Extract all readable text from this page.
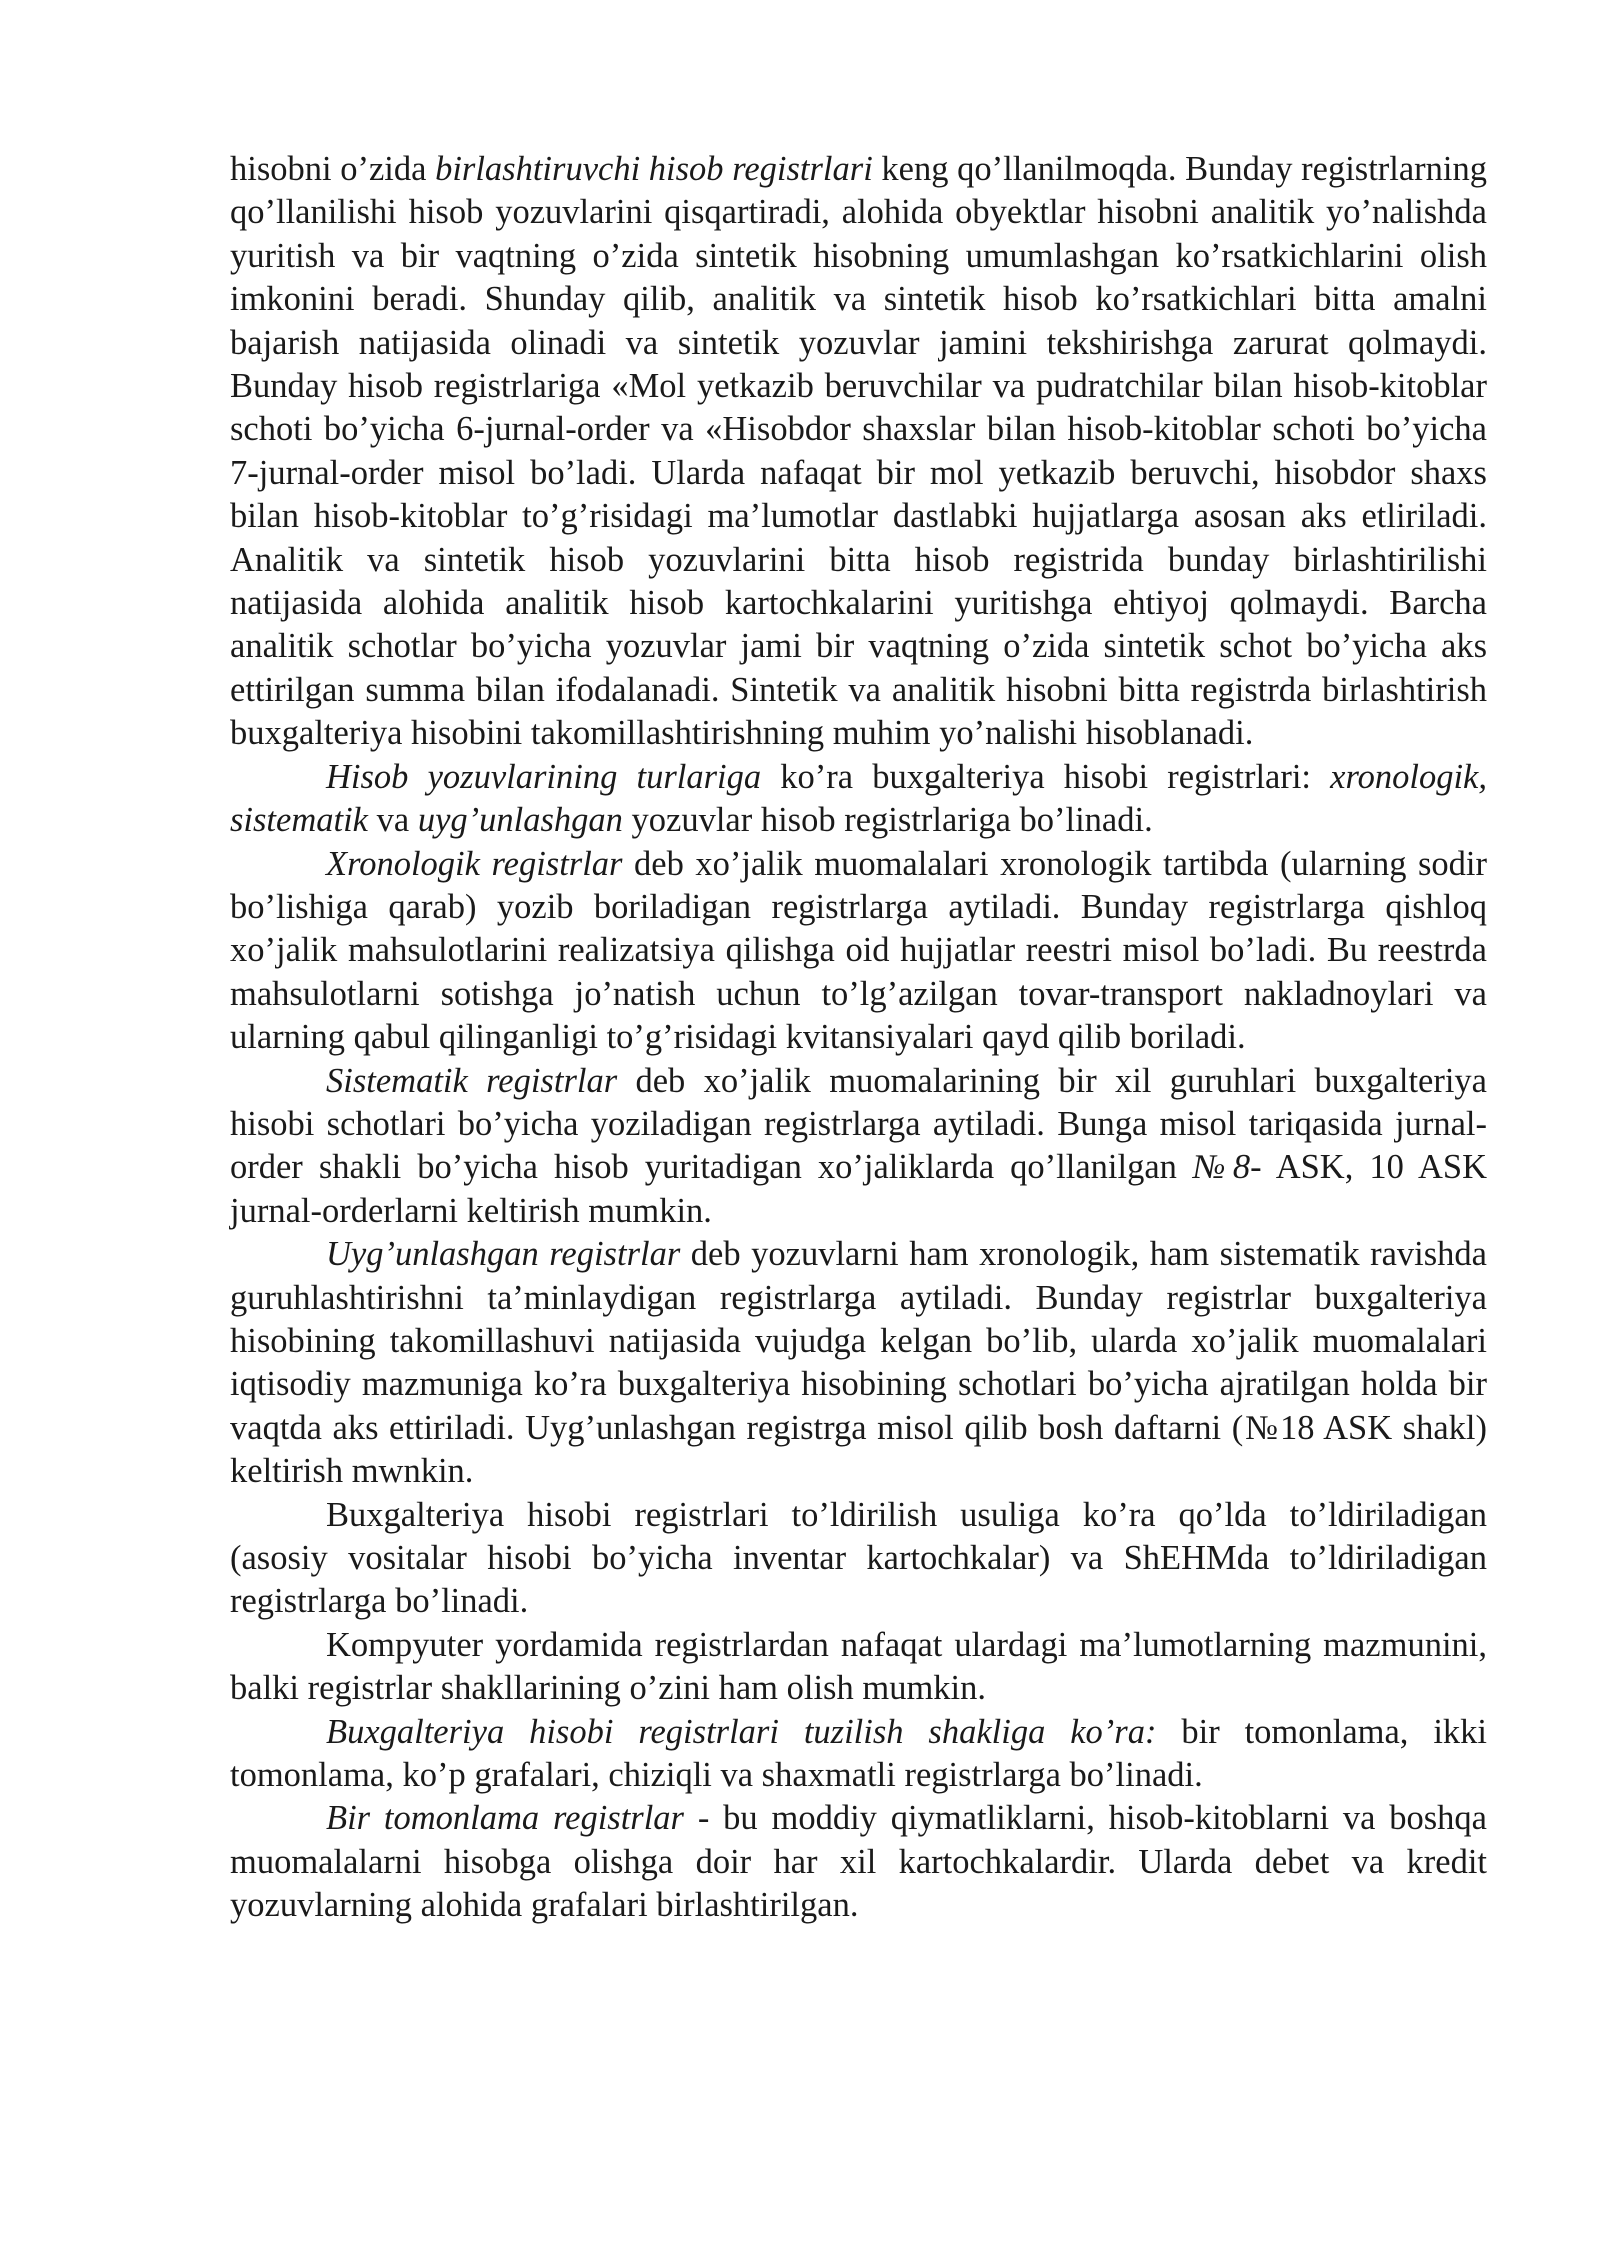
hisobni o’zida birlashtiruvchi hisob registrlari keng qo’llanilmoqda. Bunday registrlarning qo’llanilishi hisob yozuvlarini qisqartiradi, alohida obyektlar hisobni analitik yo’nalishda yuritish va bir vaqtning o’zida sintetik hisobning umumlashgan ko’rsatkichlarini olish imkonini beradi. Shunday qilib, analitik va sintetik hisob ko’rsatkichlari bitta amalni bajarish natijasida olinadi va sintetik yozuvlar jamini tekshirishga zarurat qolmaydi. Bunday hisob registrlariga «Mol yetkazib beruvchilar va pudratchilar bilan hisob-kitoblar schoti bo’yicha 6-jurnal-order va «Hisobdor shaxslar bilan hisob-kitoblar schoti bo’yicha 7-jurnal-order misol bo’ladi. Ularda nafaqat bir mol yetkazib beruvchi, hisobdor shaxs bilan hisob-kitoblar to’g’risidagi ma’lumotlar dastlabki hujjatlarga asosan aks etliriladi. Analitik va sintetik hisob yozuvlarini bitta hisob registrida bunday birlashtirilishi natijasida alohida analitik hisob kartochkalarini yuritishga ehtiyoj qolmaydi. Barcha analitik schotlar bo’yicha yozuvlar jami bir vaqtning o’zida sintetik schot bo’yicha aks ettirilgan summa bilan ifodalanadi. Sintetik va analitik hisobni bitta registrda birlashtirish buxgalteriya hisobini takomillashtirishning muhim yo’nalishi hisoblanadi.

Hisob yozuvlarining turlariga ko’ra buxgalteriya hisobi registrlari: xronologik, sistematik va uyg’unlashgan yozuvlar hisob registrlariga bo’linadi.

Xronologik registrlar deb xo’jalik muomalalari xronologik tartibda (ularning sodir bo’lishiga qarab) yozib boriladigan registrlarga aytiladi. Bunday registrlarga qishloq xo’jalik mahsulotlarini realizatsiya qilishga oid hujjatlar reestri misol bo’ladi. Bu reestrda mahsulotlarni sotishga jo’natish uchun to’lg’azilgan tovar-transport nakladnoylari va ularning qabul qilinganligi to’g’risidagi kvitansiyalari qayd qilib boriladi.

Sistematik registrlar deb xo’jalik muomalarining bir xil guruhlari buxgalteriya hisobi schotlari bo’yicha yoziladigan registrlarga aytiladi. Bunga misol tariqasida jurnal-order shakli bo’yicha hisob yuritadigan xo’jaliklarda qo’llanilgan №8- ASK, 10 ASK jurnal-orderlarni keltirish mumkin.

Uyg’unlashgan registrlar deb yozuvlarni ham xronologik, ham sistematik ravishda guruhlashtirishni ta’minlaydigan registrlarga aytiladi. Bunday registrlar buxgalteriya hisobining takomillashuvi natijasida vujudga kelgan bo’lib, ularda xo’jalik muomalalari iqtisodiy mazmuniga ko’ra buxgalteriya hisobining schotlari bo’yicha ajratilgan holda bir vaqtda aks ettiriladi. Uyg’unlashgan registrga misol qilib bosh daftarni (№18 ASK shakl) keltirish mwnkin.

Buxgalteriya hisobi registrlari to’ldirilish usuliga ko’ra qo’lda to’ldiriladigan (asosiy vositalar hisobi bo’yicha inventar kartochkalar) va ShEHMda to’ldiriladigan registrlarga bo’linadi.

Kompyuter yordamida registrlardan nafaqat ulardagi ma’lumotlarning mazmunini, balki registrlar shakllarining o’zini ham olish mumkin.

Buxgalteriya hisobi registrlari tuzilish shakliga ko’ra: bir tomonlama, ikki tomonlama, ko’p grafalari, chiziqli va shaxmatli registrlarga bo’linadi.

Bir tomonlama registrlar - bu moddiy qiymatliklarni, hisob-kitoblarni va boshqa muomalalarni hisobga olishga doir har xil kartochkalardir. Ularda debet va kredit yozuvlarning alohida grafalari birlashtirilgan.
